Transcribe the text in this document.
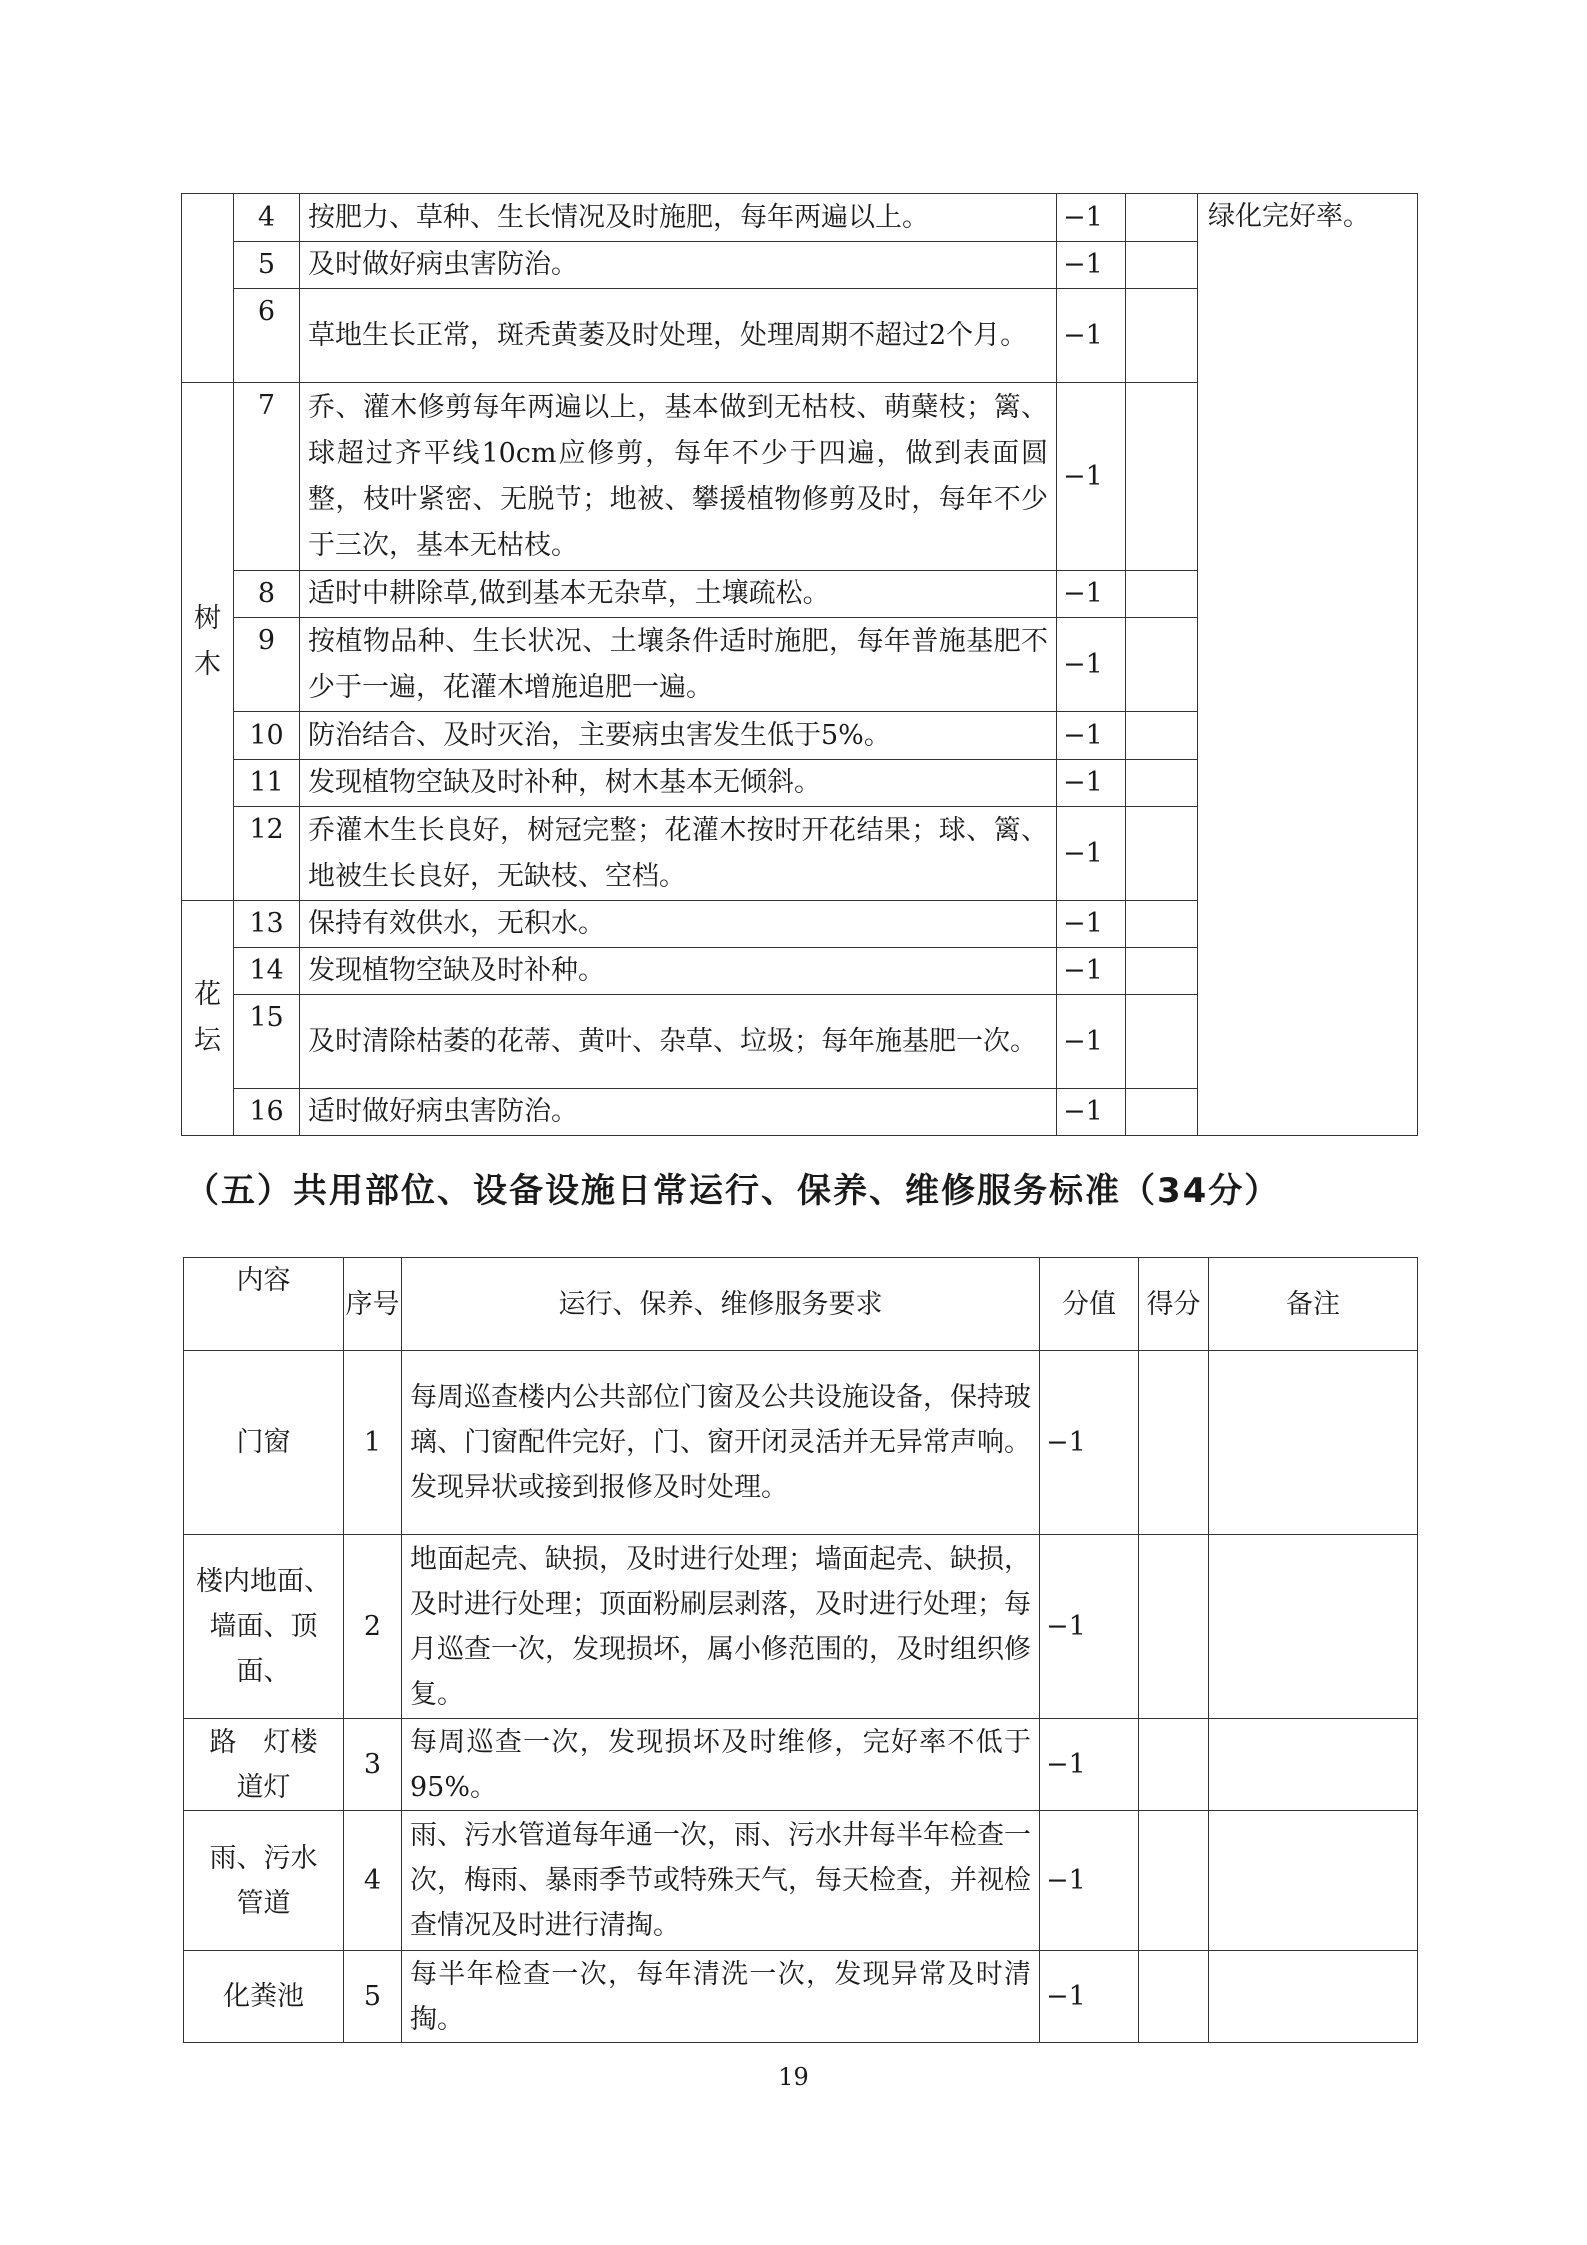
	4	按肥力、草种、生长情况及时施肥，每年两遍以上。	−1		绿化完好率。
	5	及时做好病虫害防治。	−1		
	6	草地生长正常，斑秃黄萎及时处理，处理周期不超过2个月。	−1		

树木	7	乔、灌木修剪每年两遍以上，基本做到无枯枝、萌蘖枝；篱、球超过齐平线10cm应修剪，每年不少于四遍，做到表面圆整，枝叶紧密、无脱节；地被、攀援植物修剪及时，每年不少于三次，基本无枯枝。	−1		
	8	适时中耕除草,做到基本无杂草，土壤疏松。	−1		
	9	按植物品种、生长状况、土壤条件适时施肥，每年普施基肥不少于一遍，花灌木增施追肥一遍。	−1		
	10	防治结合、及时灭治，主要病虫害发生低于5%。	−1		
	11	发现植物空缺及时补种，树木基本无倾斜。	−1		
	12	乔灌木生长良好，树冠完整；花灌木按时开花结果；球、篱、地被生长良好，无缺枝、空档。	−1		

花坛	13	保持有效供水，无积水。	−1		
	14	发现植物空缺及时补种。	−1		
	15	及时清除枯萎的花蒂、黄叶、杂草、垃圾；每年施基肥一次。	−1		
	16	适时做好病虫害防治。	−1		
（五）共用部位、设备设施日常运行、保养、维修服务标准（34分）
内容	序号	运行、保养、维修服务要求	分值	得分	备注
门窗	1	每周巡查楼内公共部位门窗及公共设施设备，保持玻璃、门窗配件完好，门、窗开闭灵活并无异常声响。发现异状或接到报修及时处理。	−1		
楼内地面、墙面、顶面、	2	地面起壳、缺损，及时进行处理；墙面起壳、缺损，及时进行处理；顶面粉刷层剥落，及时进行处理；每月巡查一次，发现损坏，属小修范围的，及时组织修复。	−1		
路　灯楼道灯	3	每周巡查一次，发现损坏及时维修，完好率不低于95%。	−1		
雨、污水管道	4	雨、污水管道每年通一次，雨、污水井每半年检查一次，梅雨、暴雨季节或特殊天气，每天检查，并视检查情况及时进行清掏。	−1		
化粪池	5	每半年检查一次，每年清洗一次，发现异常及时清掏。	−1		
19
